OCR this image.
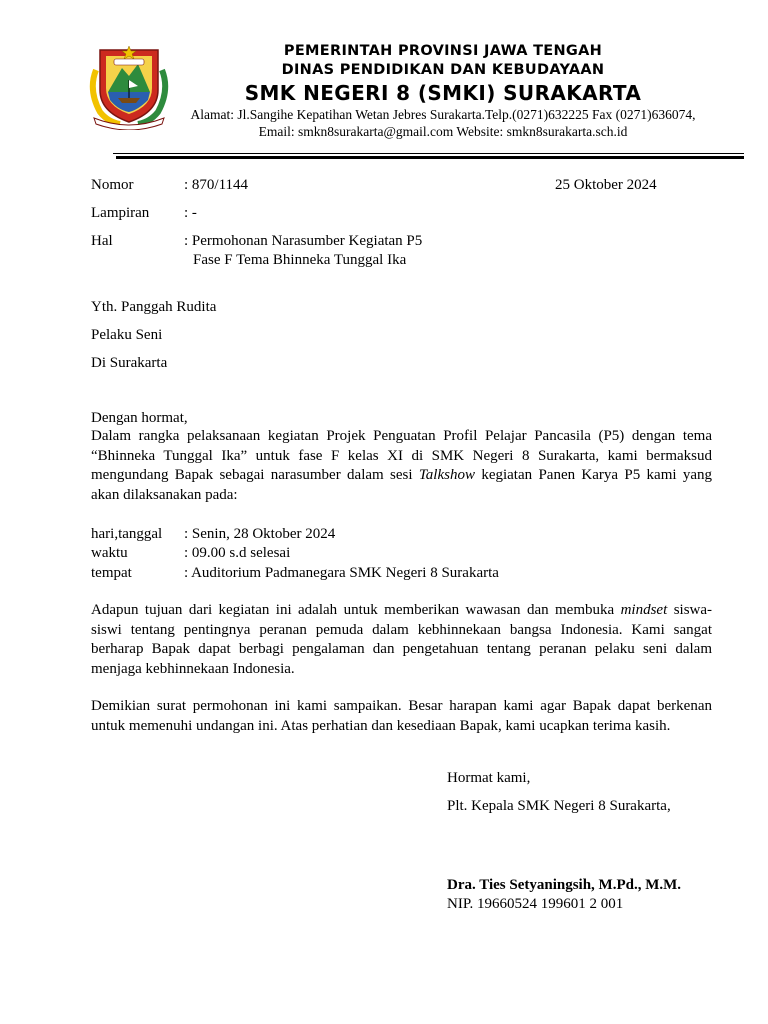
PEMERINTAH PROVINSI JAWA TENGAH
DINAS PENDIDIKAN DAN KEBUDAYAAN
SMK NEGERI 8 (SMKI) SURAKARTA
Alamat: Jl.Sangihe Kepatihan Wetan Jebres Surakarta.Telp.(0271)632225 Fax (0271)636074,
Email: smkn8surakarta@gmail.com Website: smkn8surakarta.sch.id
Nomor	: 870/1144	25 Oktober 2024
Lampiran : -
Hal	: Permohonan Narasumber Kegiatan P5
Fase F Tema Bhinneka Tunggal Ika
Yth. Panggah Rudita
Pelaku Seni
Di Surakarta
Dengan hormat,
Dalam rangka pelaksanaan kegiatan Projek Penguatan Profil Pelajar Pancasila (P5) dengan tema
“Bhinneka Tunggal Ika” untuk fase F kelas XI di SMK Negeri 8 Surakarta, kami bermaksud
mengundang Bapak sebagai narasumber dalam sesi Talkshow kegiatan Panen Karya P5 kami yang
akan dilaksanakan pada:
hari,tanggal : Senin, 28 Oktober 2024
waktu	: 09.00 s.d selesai
tempat	: Auditorium Padmanegara SMK Negeri 8 Surakarta
Adapun tujuan dari kegiatan ini adalah untuk memberikan wawasan dan membuka mindset siswa-
siswi tentang pentingnya peranan pemuda dalam kebhinnekaan bangsa Indonesia. Kami sangat
berharap Bapak dapat berbagi pengalaman dan pengetahuan tentang peranan pelaku seni dalam
menjaga kebhinnekaan Indonesia.
Demikian surat permohonan ini kami sampaikan. Besar harapan kami agar Bapak dapat berkenan
untuk memenuhi undangan ini. Atas perhatian dan kesediaan Bapak, kami ucapkan terima kasih.
Hormat kami,
Plt. Kepala SMK Negeri 8 Surakarta,
Dra. Ties Setyaningsih, M.Pd., M.M.
NIP. 19660524 199601 2 001
